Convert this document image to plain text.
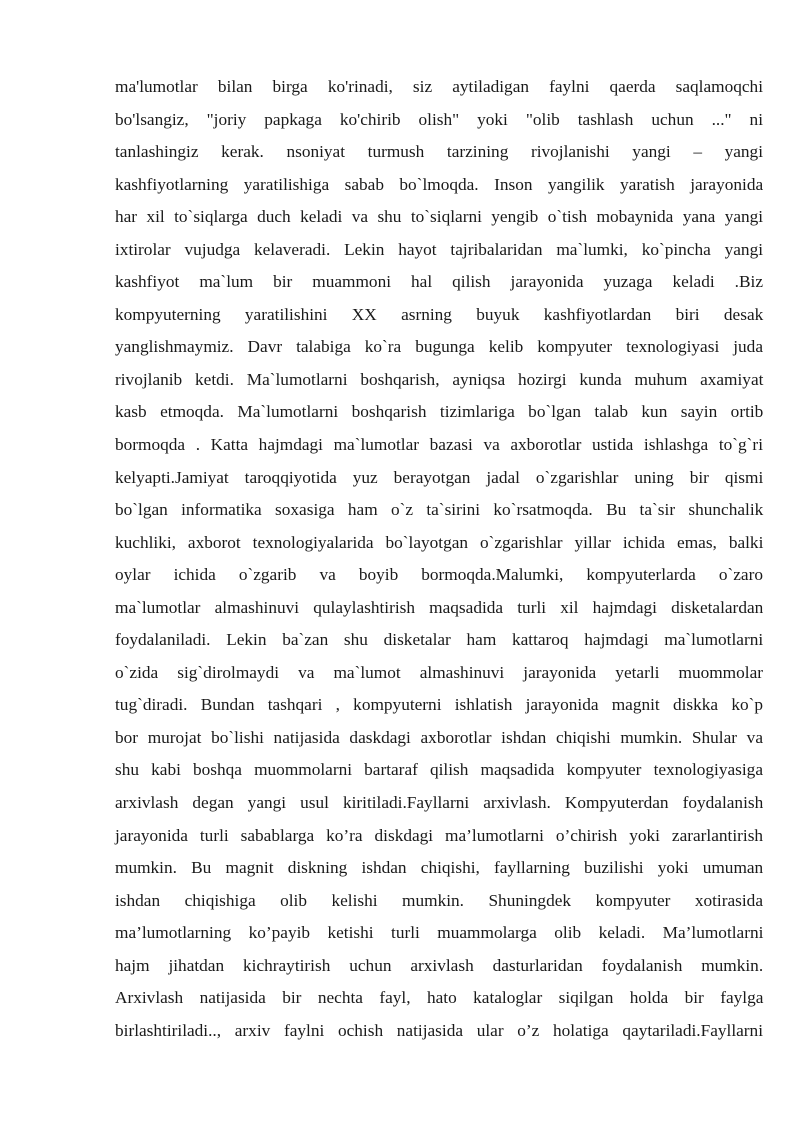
ma'lumotlar bilan birga ko'rinadi, siz aytiladigan faylni qaerda saqlamoqchi
bo'lsangiz, "joriy papkaga ko'chirib olish" yoki "olib tashlash uchun ..." ni
tanlashingiz kerak. nsoniyat turmush tarzining rivojlanishi yangi – yangi
kashfiyotlarning yaratilishiga sabab bo`lmoqda. Inson yangilik yaratish jarayonida
har xil to`siqlarga duch keladi va shu to`siqlarni yengib o`tish mobaynida yana yangi
ixtirolar vujudga kelaveradi. Lekin hayot tajribalaridan ma`lumki, ko`pincha yangi
kashfiyot ma`lum bir muammoni hal qilish jarayonida yuzaga keladi .Biz
kompyuterning yaratilishini XX asrning buyuk kashfiyotlardan biri desak
yanglishmaymiz. Davr talabiga ko`ra bugunga kelib kompyuter texnologiyasi juda
rivojlanib ketdi. Ma`lumotlarni boshqarish, ayniqsa hozirgi kunda muhum axamiyat
kasb etmoqda. Ma`lumotlarni boshqarish tizimlariga bo`lgan talab kun sayin ortib
bormoqda . Katta hajmdagi ma`lumotlar bazasi va axborotlar ustida ishlashga to`g`ri
kelyapti.Jamiyat taroqqiyotida yuz berayotgan jadal o`zgarishlar uning bir qismi
bo`lgan informatika soxasiga ham o`z ta`sirini ko`rsatmoqda. Bu ta`sir shunchalik
kuchliki, axborot texnologiyalarida bo`layotgan o`zgarishlar yillar ichida emas, balki
oylar ichida o`zgarib va boyib bormoqda.Malumki, kompyuterlarda o`zaro
ma`lumotlar almashinuvi qulaylashtirish maqsadida turli xil hajmdagi disketalardan
foydalaniladi. Lekin ba`zan shu disketalar ham kattaroq hajmdagi ma`lumotlarni
o`zida sig`dirolmaydi va ma`lumot almashinuvi jarayonida yetarli muommolar
tug`diradi. Bundan tashqari , kompyuterni ishlatish jarayonida magnit diskka ko`p
bor murojat bo`lishi natijasida daskdagi axborotlar ishdan chiqishi mumkin. Shular va
shu kabi boshqa muommolarni bartaraf qilish maqsadida kompyuter texnologiyasiga
arxivlash degan yangi usul kiritiladi.Fayllarni arxivlash. Kompyuterdan foydalanish
jarayonida turli sabablarga ko’ra diskdagi ma’lumotlarni o’chirish yoki zararlantirish
mumkin. Bu magnit diskning ishdan chiqishi, fayllarning buzilishi yoki umuman
ishdan chiqishiga olib kelishi mumkin. Shuningdek kompyuter xotirasida
ma’lumotlarning ko’payib ketishi turli muammolarga olib keladi. Ma’lumotlarni
hajm jihatdan kichraytirish uchun arxivlash dasturlaridan foydalanish mumkin.
Arxivlash natijasida bir nechta fayl, hato kataloglar siqilgan holda bir faylga
birlashtiriladi.., arxiv faylni ochish natijasida ular o’z holatiga qaytariladi.Fayllarni
